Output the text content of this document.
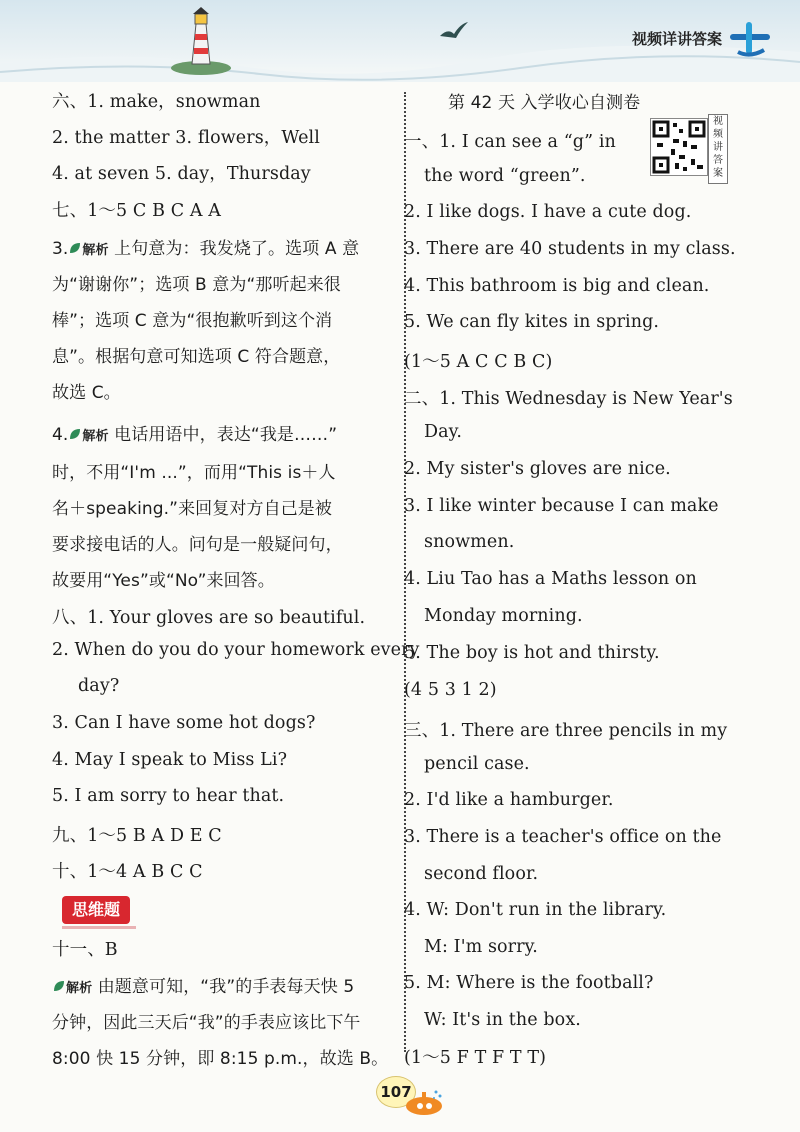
视频详讲答案
六、1. make，snowman
2. the matter 3. flowers，Well
4. at seven 5. day，Thursday
七、1～5 C B C A A
3. 解析 上句意为：我发烧了。选项 A 意
为“谢谢你”；选项 B 意为“那听起来很
棒”；选项 C 意为“很抱歉听到这个消
息”。根据句意可知选项 C 符合题意，
故选 C。
4. 解析 电话用语中，表达“我是……”
时，不用“I'm ...”，而用“This is＋人
名＋speaking.”来回复对方自己是被
要求接电话的人。问句是一般疑问句，
故要用“Yes”或“No”来回答。
八、1. Your gloves are so beautiful.
2. When do you do your homework every
day?
3. Can I have some hot dogs?
4. May I speak to Miss Li?
5. I am sorry to hear that.
九、1～5 B A D E C
十、1～4 A B C C
思维题
十一、B
解析 由题意可知，“我”的手表每天快 5
分钟，因此三天后“我”的手表应该比下午
8:00 快 15 分钟，即 8:15 p.m.，故选 B。
第 42 天 入学收心自测卷
视频讲答案
一、1. I can see a “g” in
the word “green”.
2. I like dogs. I have a cute dog.
3. There are 40 students in my class.
4. This bathroom is big and clean.
5. We can fly kites in spring.
(1～5 A C C B C)
二、1. This Wednesday is New Year's
Day.
2. My sister's gloves are nice.
3. I like winter because I can make
snowmen.
4. Liu Tao has a Maths lesson on
Monday morning.
5. The boy is hot and thirsty.
(4 5 3 1 2)
三、1. There are three pencils in my
pencil case.
2. I'd like a hamburger.
3. There is a teacher's office on the
second floor.
4. W: Don't run in the library.
M: I'm sorry.
5. M: Where is the football?
W: It's in the box.
(1～5 F T F T T)
107
